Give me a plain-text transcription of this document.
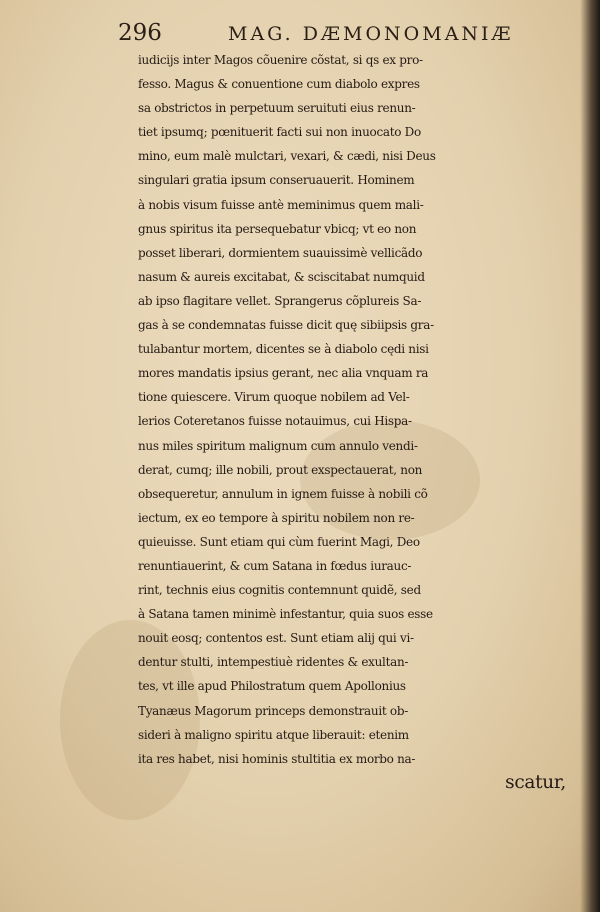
296	MAG. DÆMONOMANIÆ
iudicijs inter Magos cõuenire cõstat, si qs ex pro-
fesso. Magus & conuentione cum diabolo expres
sa obstrictos in perpetuum seruituti eius renun-
tiet ipsumq; pœnituerit facti sui non inuocato Do
mino, eum malè mulctari, vexari, & cædi, nisi Deus
singulari gratia ipsum conseruauerit. Hominem
à nobis visum fuisse antè meminimus quem mali-
gnus spiritus ita persequebatur vbicq; vt eo non
posset liberari, dormientem suauissimè vellicãdo
nasum & aureis excitabat, & sciscitabat numquid
ab ipso flagitare vellet. Sprangerus cõplureis Sa-
gas à se condemnatas fuisse dicit quę sibiipsis gra-
tulabantur mortem, dicentes se à diabolo cędi nisi
mores mandatis ipsius gerant, nec alia vnquam ra
tione quiescere. Virum quoque nobilem ad Vel-
lerios Coteretanos fuisse notauimus, cui Hispa-
nus miles spiritum malignum cum annulo vendi-
derat, cumq; ille nobili, prout exspectauerat, non
obsequeretur, annulum in ignem fuisse à nobili cõ
iectum, ex eo tempore à spiritu nobilem non re-
quieuisse. Sunt etiam qui cùm fuerint Magi, Deo
renuntiauerint, & cum Satana in fœdus iurauc-
rint, technis eius cognitis contemnunt quidẽ, sed
à Satana tamen minimè infestantur, quia suos esse
nouit eosq; contentos est. Sunt etiam alij qui vi-
dentur stulti, intempestiuè ridentes & exultan-
tes, vt ille apud Philostratum quem Apollonius
Tyanæus Magorum princeps demonstrauit ob-
sideri à maligno spiritu atque liberauit: etenim
ita res habet, nisi hominis stultitia ex morbo na-
scatur,
